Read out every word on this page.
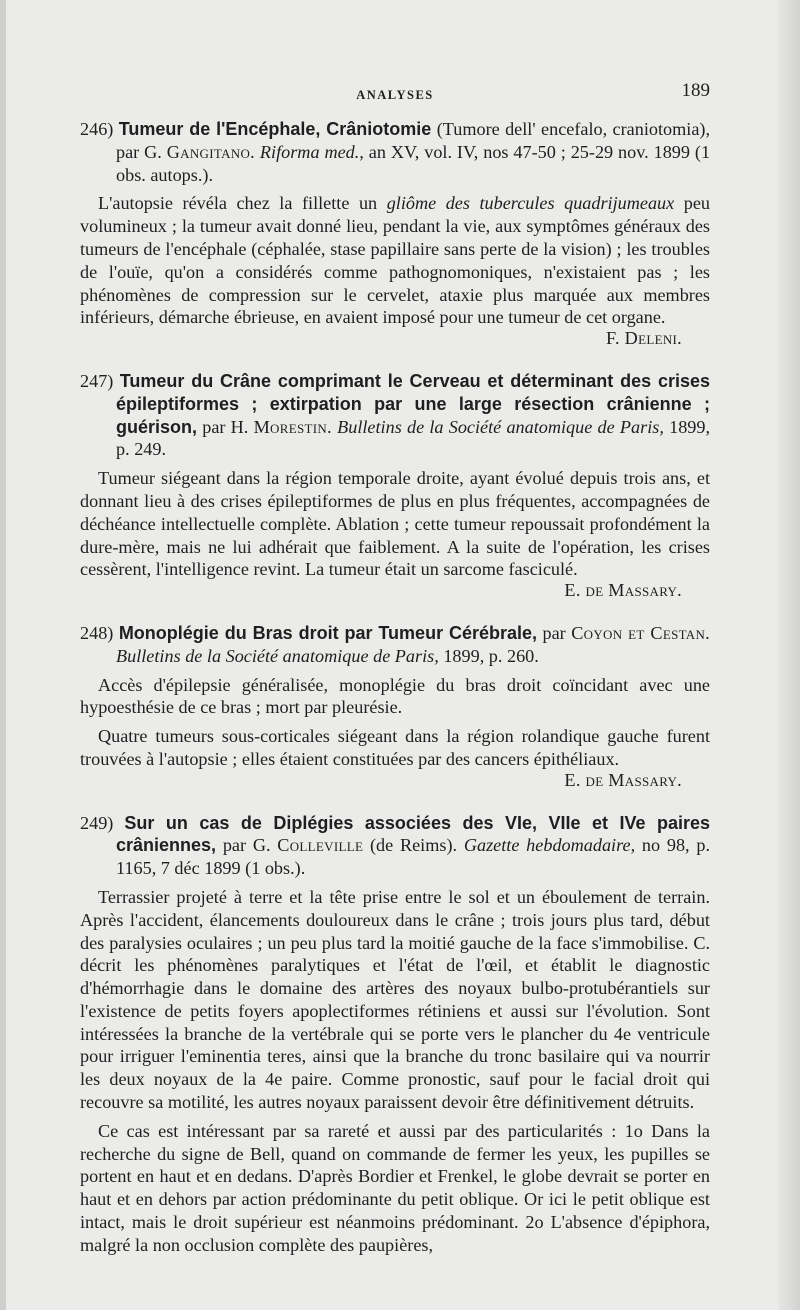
ANALYSES	189
246) Tumeur de l'Encéphale, Crâniotomie (Tumore dell' encefalo, craniotomia), par G. Gangitano. Riforma med., an XV, vol. IV, nos 47-50 ; 25-29 nov. 1899 (1 obs. autops.).

L'autopsie révéla chez la fillette un gliôme des tubercules quadrijumeaux peu volumineux ; la tumeur avait donné lieu, pendant la vie, aux symptômes généraux des tumeurs de l'encéphale (céphalée, stase papillaire sans perte de la vision) ; les troubles de l'ouïe, qu'on a considérés comme pathognomoniques, n'existaient pas ; les phénomènes de compression sur le cervelet, ataxie plus marquée aux membres inférieurs, démarche ébrieuse, en avaient imposé pour une tumeur de cet organe.

F. Deleni.
247) Tumeur du Crâne comprimant le Cerveau et déterminant des crises épileptiformes ; extirpation par une large résection crânienne ; guérison, par H. Morestin. Bulletins de la Société anatomique de Paris, 1899, p. 249.

Tumeur siégeant dans la région temporale droite, ayant évolué depuis trois ans, et donnant lieu à des crises épileptiformes de plus en plus fréquentes, accompagnées de déchéance intellectuelle complète. Ablation ; cette tumeur repoussait profondément la dure-mère, mais ne lui adhérait que faiblement. A la suite de l'opération, les crises cessèrent, l'intelligence revint. La tumeur était un sarcome fasciculé.

E. de Massary.
248) Monoplégie du Bras droit par Tumeur Cérébrale, par Coyon et Cestan. Bulletins de la Société anatomique de Paris, 1899, p. 260.

Accès d'épilepsie généralisée, monoplégie du bras droit coïncidant avec une hypoesthésie de ce bras ; mort par pleurésie.

Quatre tumeurs sous-corticales siégeant dans la région rolandique gauche furent trouvées à l'autopsie ; elles étaient constituées par des cancers épithéliaux.

E. de Massary.
249) Sur un cas de Diplégies associées des VIe, VIIe et IVe paires crâniennes, par G. Colleville (de Reims). Gazette hebdomadaire, no 98, p. 1165, 7 déc 1899 (1 obs.).

Terrassier projeté à terre et la tête prise entre le sol et un éboulement de terrain. Après l'accident, élancements douloureux dans le crâne ; trois jours plus tard, début des paralysies oculaires ; un peu plus tard la moitié gauche de la face s'immobilise. C. décrit les phénomènes paralytiques et l'état de l'œil, et établit le diagnostic d'hémorrhagie dans le domaine des artères des noyaux bulbo-protubérantiels sur l'existence de petits foyers apoplectiformes rétiniens et aussi sur l'évolution. Sont intéressées la branche de la vertébrale qui se porte vers le plancher du 4e ventricule pour irriguer l'eminentia teres, ainsi que la branche du tronc basilaire qui va nourrir les deux noyaux de la 4e paire. Comme pronostic, sauf pour le facial droit qui recouvre sa motilité, les autres noyaux paraissent devoir être définitivement détruits.

Ce cas est intéressant par sa rareté et aussi par des particularités : 1o Dans la recherche du signe de Bell, quand on commande de fermer les yeux, les pupilles se portent en haut et en dedans. D'après Bordier et Frenkel, le globe devrait se porter en haut et en dehors par action prédominante du petit oblique. Or ici le petit oblique est intact, mais le droit supérieur est néanmoins prédominant. 2o L'absence d'épiphora, malgré la non occlusion complète des paupières,
